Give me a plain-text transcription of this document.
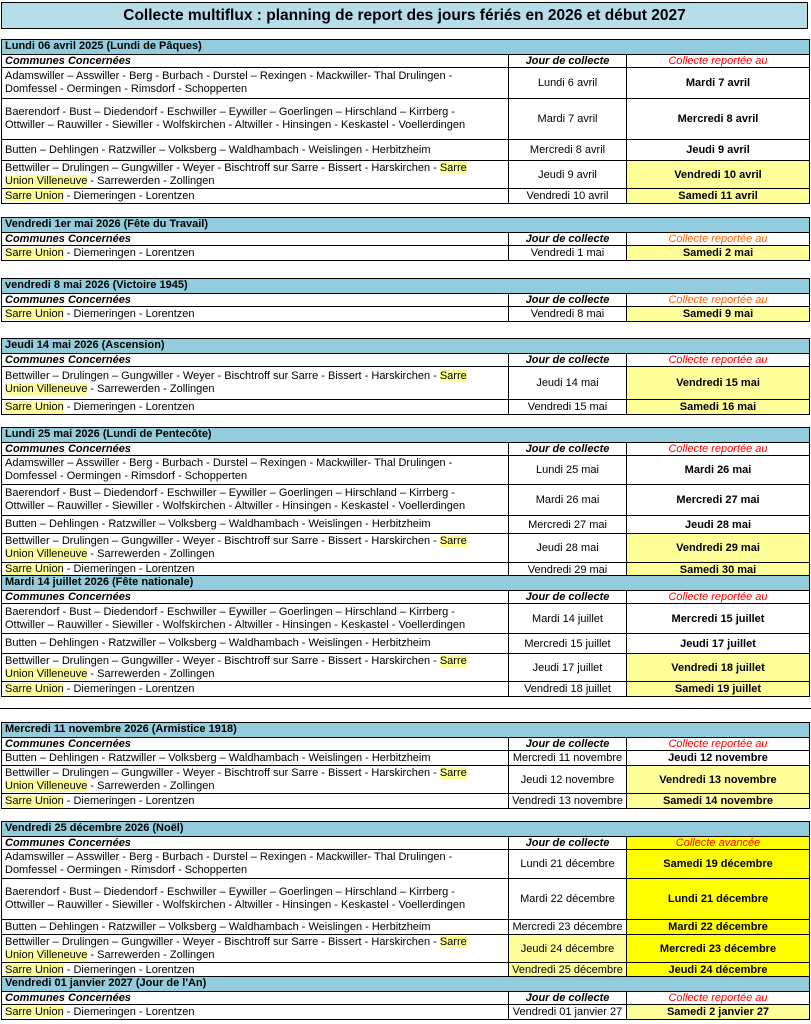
Collecte multiflux : planning de report des jours fériés en 2026 et début 2027
Lundi 06 avril 2025 (Lundi de Pâques)
Communes Concernées	Jour de collecte	Collecte reportée au
Adamswiller – Asswiller - Berg - Burbach - Durstel – Rexingen - Mackwiller- Thal Drulingen -
Domfessel - Oermingen - Rimsdorf - Schopperten	Lundi 6 avril	Mardi 7 avril
Baerendorf - Bust – Diedendorf - Eschwiller – Eywiller – Goerlingen – Hirschland – Kirrberg -
Ottwiller – Rauwiller - Siewiller - Wolfskirchen - Altwiller - Hinsingen - Keskastel - Voellerdingen	Mardi 7 avril	Mercredi 8 avril
Butten – Dehlingen - Ratzwiller – Volksberg – Waldhambach - Weislingen - Herbitzheim	Mercredi 8 avril	Jeudi 9 avril
Bettwiller – Drulingen – Gungwiller - Weyer - Bischtroff sur Sarre - Bissert - Harskirchen - Sarre
Union Villeneuve - Sarrewerden - Zollingen	Jeudi 9 avril	Vendredi 10 avril
Sarre Union - Diemeringen - Lorentzen	Vendredi 10 avril	Samedi 11 avril
Vendredi 1er mai 2026 (Fête du Travail)
Communes Concernées	Jour de collecte	Collecte reportée au
Sarre Union - Diemeringen - Lorentzen	Vendredi 1 mai	Samedi 2 mai
vendredi 8 mai 2026 (Victoire 1945)
Communes Concernées	Jour de collecte	Collecte reportée au
Sarre Union - Diemeringen - Lorentzen	Vendredi 8 mai	Samedi 9 mai
Jeudi 14 mai 2026 (Ascension)
Communes Concernées	Jour de collecte	Collecte reportée au
Bettwiller – Drulingen – Gungwiller - Weyer - Bischtroff sur Sarre - Bissert - Harskirchen - Sarre
Union Villeneuve - Sarrewerden - Zollingen	Jeudi 14 mai	Vendredi 15 mai
Sarre Union - Diemeringen - Lorentzen	Vendredi 15 mai	Samedi 16 mai
Lundi 25 mai 2026 (Lundi de Pentecôte)
Communes Concernées	Jour de collecte	Collecte reportée au
Adamswiller – Asswiller - Berg - Burbach - Durstel – Rexingen - Mackwiller- Thal Drulingen -
Domfessel - Oermingen - Rimsdorf - Schopperten	Lundi 25 mai	Mardi 26 mai
Baerendorf - Bust – Diedendorf - Eschwiller – Eywiller – Goerlingen – Hirschland – Kirrberg -
Ottwiller – Rauwiller - Siewiller - Wolfskirchen - Altwiller - Hinsingen - Keskastel - Voellerdingen	Mardi 26 mai	Mercredi 27 mai
Butten – Dehlingen - Ratzwiller – Volksberg – Waldhambach - Weislingen - Herbitzheim	Mercredi 27 mai	Jeudi 28 mai
Bettwiller – Drulingen – Gungwiller - Weyer - Bischtroff sur Sarre - Bissert - Harskirchen - Sarre
Union Villeneuve - Sarrewerden - Zollingen	Jeudi 28 mai	Vendredi 29 mai
Sarre Union - Diemeringen - Lorentzen	Vendredi 29 mai	Samedi 30 mai
Mardi 14 juillet 2026 (Fête nationale)
Communes Concernées	Jour de collecte	Collecte reportée au
Baerendorf - Bust – Diedendorf - Eschwiller – Eywiller – Goerlingen – Hirschland – Kirrberg -
Ottwiller – Rauwiller - Siewiller - Wolfskirchen - Altwiller - Hinsingen - Keskastel - Voellerdingen	Mardi 14 juillet	Mercredi 15 juillet
Butten – Dehlingen - Ratzwiller – Volksberg – Waldhambach - Weislingen - Herbitzheim	Mercredi 15 juillet	Jeudi 17 juillet
Bettwiller – Drulingen – Gungwiller - Weyer - Bischtroff sur Sarre - Bissert - Harskirchen - Sarre
Union Villeneuve - Sarrewerden - Zollingen	Jeudi 17 juillet	Vendredi 18 juillet
Sarre Union - Diemeringen - Lorentzen	Vendredi 18 juillet	Samedi 19 juillet
Mercredi 11 novembre 2026 (Armistice 1918)
Communes Concernées	Jour de collecte	Collecte reportée au
Butten – Dehlingen - Ratzwiller – Volksberg – Waldhambach - Weislingen - Herbitzheim	Mercredi 11 novembre	Jeudi 12 novembre
Bettwiller – Drulingen – Gungwiller - Weyer - Bischtroff sur Sarre - Bissert - Harskirchen - Sarre
Union Villeneuve - Sarrewerden - Zollingen	Jeudi 12 novembre	Vendredi 13 novembre
Sarre Union - Diemeringen - Lorentzen	Vendredi 13 novembre	Samedi 14 novembre
Vendredi 25 décembre 2026 (Noël)
Communes Concernées	Jour de collecte	Collecte avancée
Adamswiller – Asswiller - Berg - Burbach - Durstel – Rexingen - Mackwiller- Thal Drulingen -
Domfessel - Oermingen - Rimsdorf - Schopperten	Lundi 21 décembre	Samedi 19 décembre
Baerendorf - Bust – Diedendorf - Eschwiller – Eywiller – Goerlingen – Hirschland – Kirrberg -
Ottwiller – Rauwiller - Siewiller - Wolfskirchen - Altwiller - Hinsingen - Keskastel - Voellerdingen	Mardi 22 décembre	Lundi 21 décembre
Butten – Dehlingen - Ratzwiller – Volksberg – Waldhambach - Weislingen - Herbitzheim	Mercredi 23 décembre	Mardi 22 décembre
Bettwiller – Drulingen – Gungwiller - Weyer - Bischtroff sur Sarre - Bissert - Harskirchen - Sarre
Union Villeneuve - Sarrewerden - Zollingen	Jeudi 24 décembre	Mercredi 23 décembre
Sarre Union - Diemeringen - Lorentzen	Vendredi 25 décembre	Jeudi 24 décembre
Vendredi 01 janvier 2027 (Jour de l'An)
Communes Concernées	Jour de collecte	Collecte reportée au
Sarre Union - Diemeringen - Lorentzen	Vendredi 01 janvier 27	Samedi 2 janvier 27
